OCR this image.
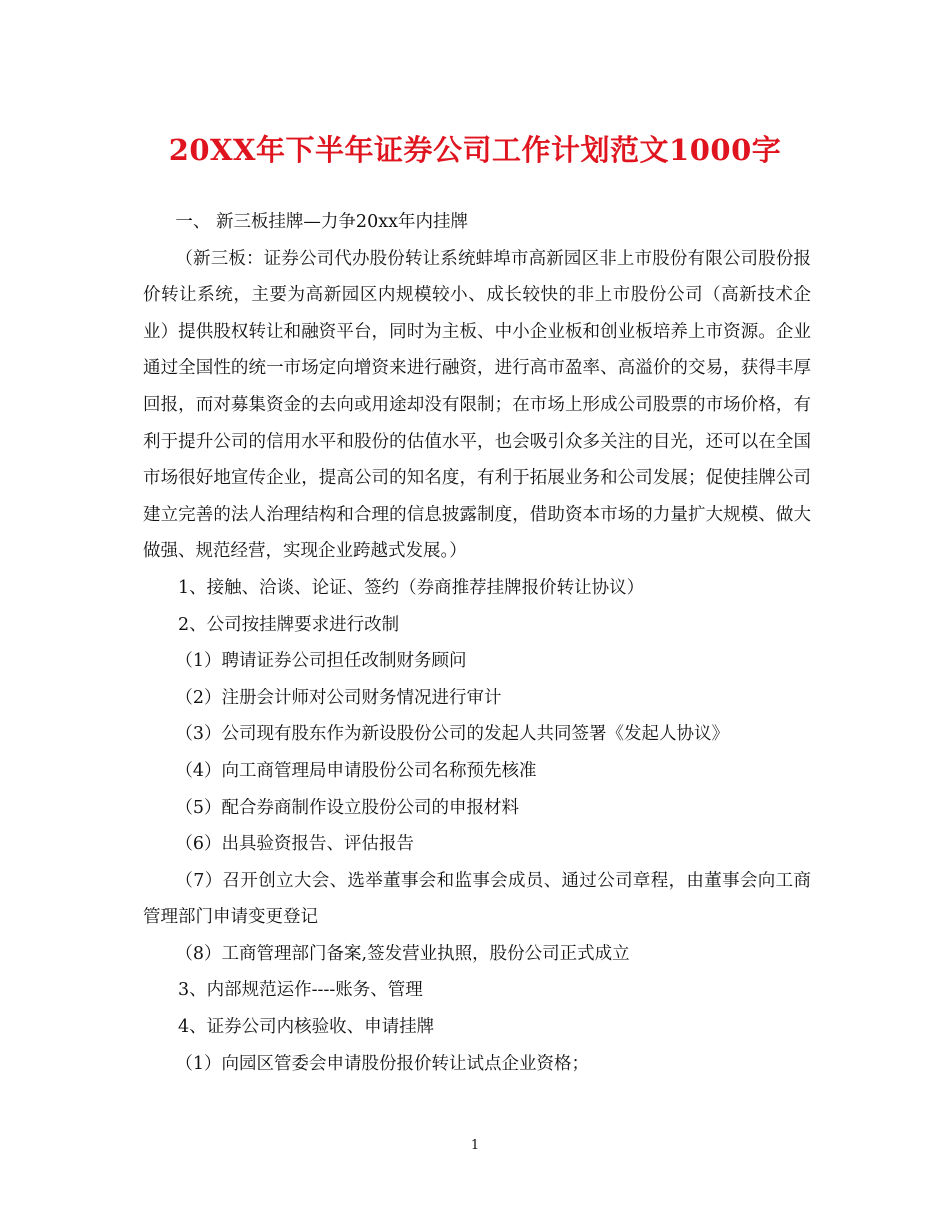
20XX年下半年证券公司工作计划范文1000字

一、 新三板挂牌—力争20xx年内挂牌

（新三板：证券公司代办股份转让系统蚌埠市高新园区非上市股份有限公司股份报价转让系统，主要为高新园区内规模较小、成长较快的非上市股份公司（高新技术企业）提供股权转让和融资平台，同时为主板、中小企业板和创业板培养上市资源。企业通过全国性的统一市场定向增资来进行融资，进行高市盈率、高溢价的交易，获得丰厚回报，而对募集资金的去向或用途却没有限制；在市场上形成公司股票的市场价格，有利于提升公司的信用水平和股份的估值水平，也会吸引众多关注的目光，还可以在全国市场很好地宣传企业，提高公司的知名度，有利于拓展业务和公司发展；促使挂牌公司建立完善的法人治理结构和合理的信息披露制度，借助资本市场的力量扩大规模、做大做强、规范经营，实现企业跨越式发展。）

1、接触、洽谈、论证、签约（券商推荐挂牌报价转让协议）

2、公司按挂牌要求进行改制

（1）聘请证券公司担任改制财务顾问

（2）注册会计师对公司财务情况进行审计

（3）公司现有股东作为新设股份公司的发起人共同签署《发起人协议》

（4）向工商管理局申请股份公司名称预先核准

（5）配合券商制作设立股份公司的申报材料

（6）出具验资报告、评估报告

（7）召开创立大会、选举董事会和监事会成员、通过公司章程，由董事会向工商管理部门申请变更登记

（8）工商管理部门备案,签发营业执照，股份公司正式成立

3、内部规范运作----账务、管理

4、证券公司内核验收、申请挂牌

（1）向园区管委会申请股份报价转让试点企业资格；

1
